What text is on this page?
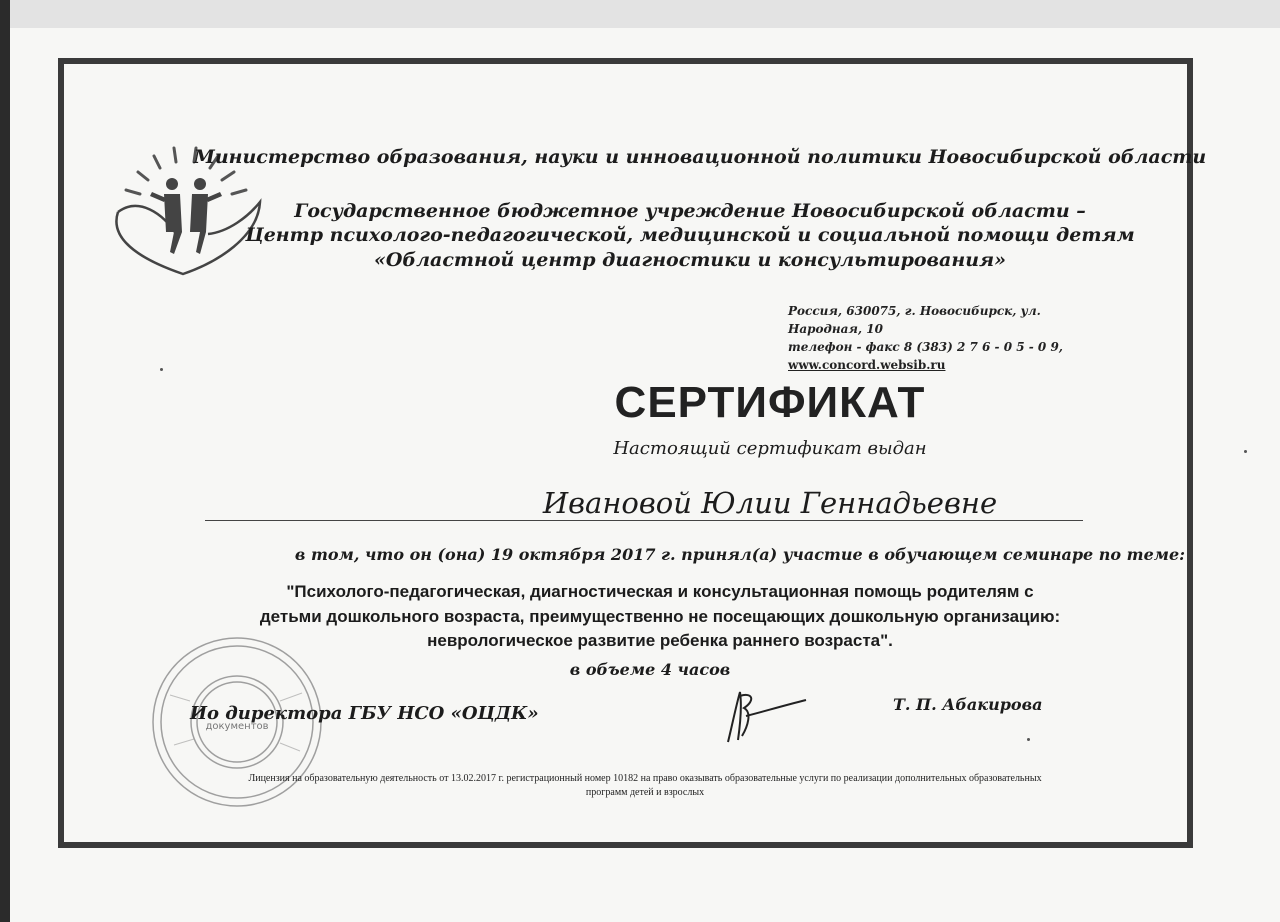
Министерство образования, науки и инновационной политики Новосибирской области
Государственное бюджетное учреждение Новосибирской области –
Центр психолого-педагогической, медицинской и социальной помощи детям
«Областной центр диагностики и консультирования»
Россия, 630075, г. Новосибирск, ул. Народная, 10
телефон - факс 8 (383) 2 7 6 - 0 5 - 0 9,
www.concord.websib.ru
СЕРТИФИКАТ
Настоящий сертификат выдан
Ивановой Юлии Геннадьевне
в том, что он (она) 19 октября 2017 г. принял(а) участие в обучающем семинаре по теме:
"Психолого-педагогическая, диагностическая и консультационная помощь родителям с
детьми дошкольного возраста, преимущественно не посещающих дошкольную организацию:
неврологическое развитие ребенка раннего возраста".
в объеме 4 часов
документов
Ио директора ГБУ НСО «ОЦДК»	Т. П. Абакирова
Лицензия на образовательную деятельность от 13.02.2017 г. регистрационный номер 10182 на право оказывать образовательные услуги по реализации дополнительных образовательных
программ детей и взрослых
